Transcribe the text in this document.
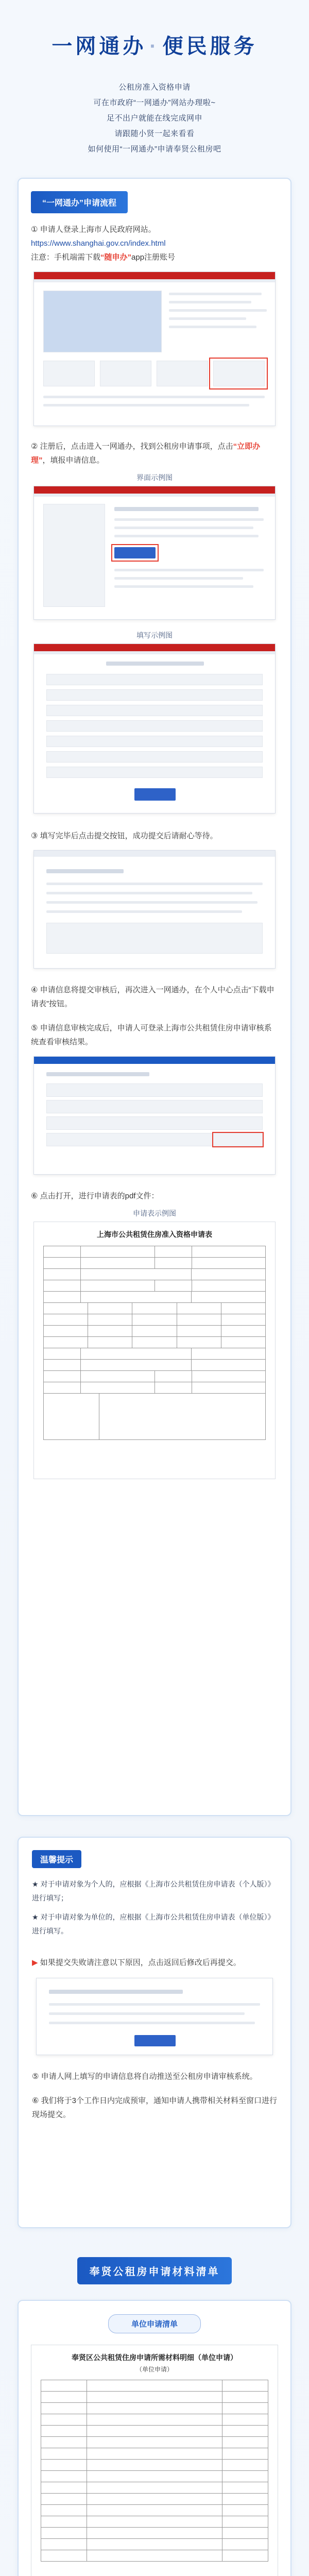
一网通办 · 便民服务
公租房准入资格申请
可在市政府“一网通办”网站办理啦~
足不出户就能在线完成网申
请跟随小贤一起来看看
如何使用“一网通办”申请奉贤公租房吧
“一网通办”申请流程
① 申请人登录上海市人民政府网站。
https://www.shanghai.gov.cn/index.html
注意：手机端需下载“随申办”app注册账号
② 注册后，点击进入一网通办，找到公租房申请事项，点击“立即办理”，填报申请信息。
界面示例图
填写示例图
③ 填写完毕后点击提交按钮，成功提交后请耐心等待。
④ 申请信息将提交审核后，再次进入一网通办，在个人中心点击“下载申请表”按钮。
⑤ 申请信息审核完成后，申请人可登录上海市公共租赁住房申请审核系统查看审核结果。
⑥ 点击打开，进行申请表的pdf文件：
申请表示例图
上海市公共租赁住房准入资格申请表
温馨提示
★ 对于申请对象为个人的，应根据《上海市公共租赁住房申请表（个人版）》进行填写；
★ 对于申请对象为单位的，应根据《上海市公共租赁住房申请表（单位版）》进行填写。
▶ 如果提交失败请注意以下原因，点击返回后修改后再提交。
⑤ 申请人网上填写的申请信息将自动推送至公租房申请审核系统。
⑥ 我们将于3个工作日内完成预审，通知申请人携带相关材料至窗口进行现场提交。
奉贤公租房申请材料清单
单位申请清单
奉贤区公共租赁住房申请所需材料明细（单位申请）
（单位申请）
